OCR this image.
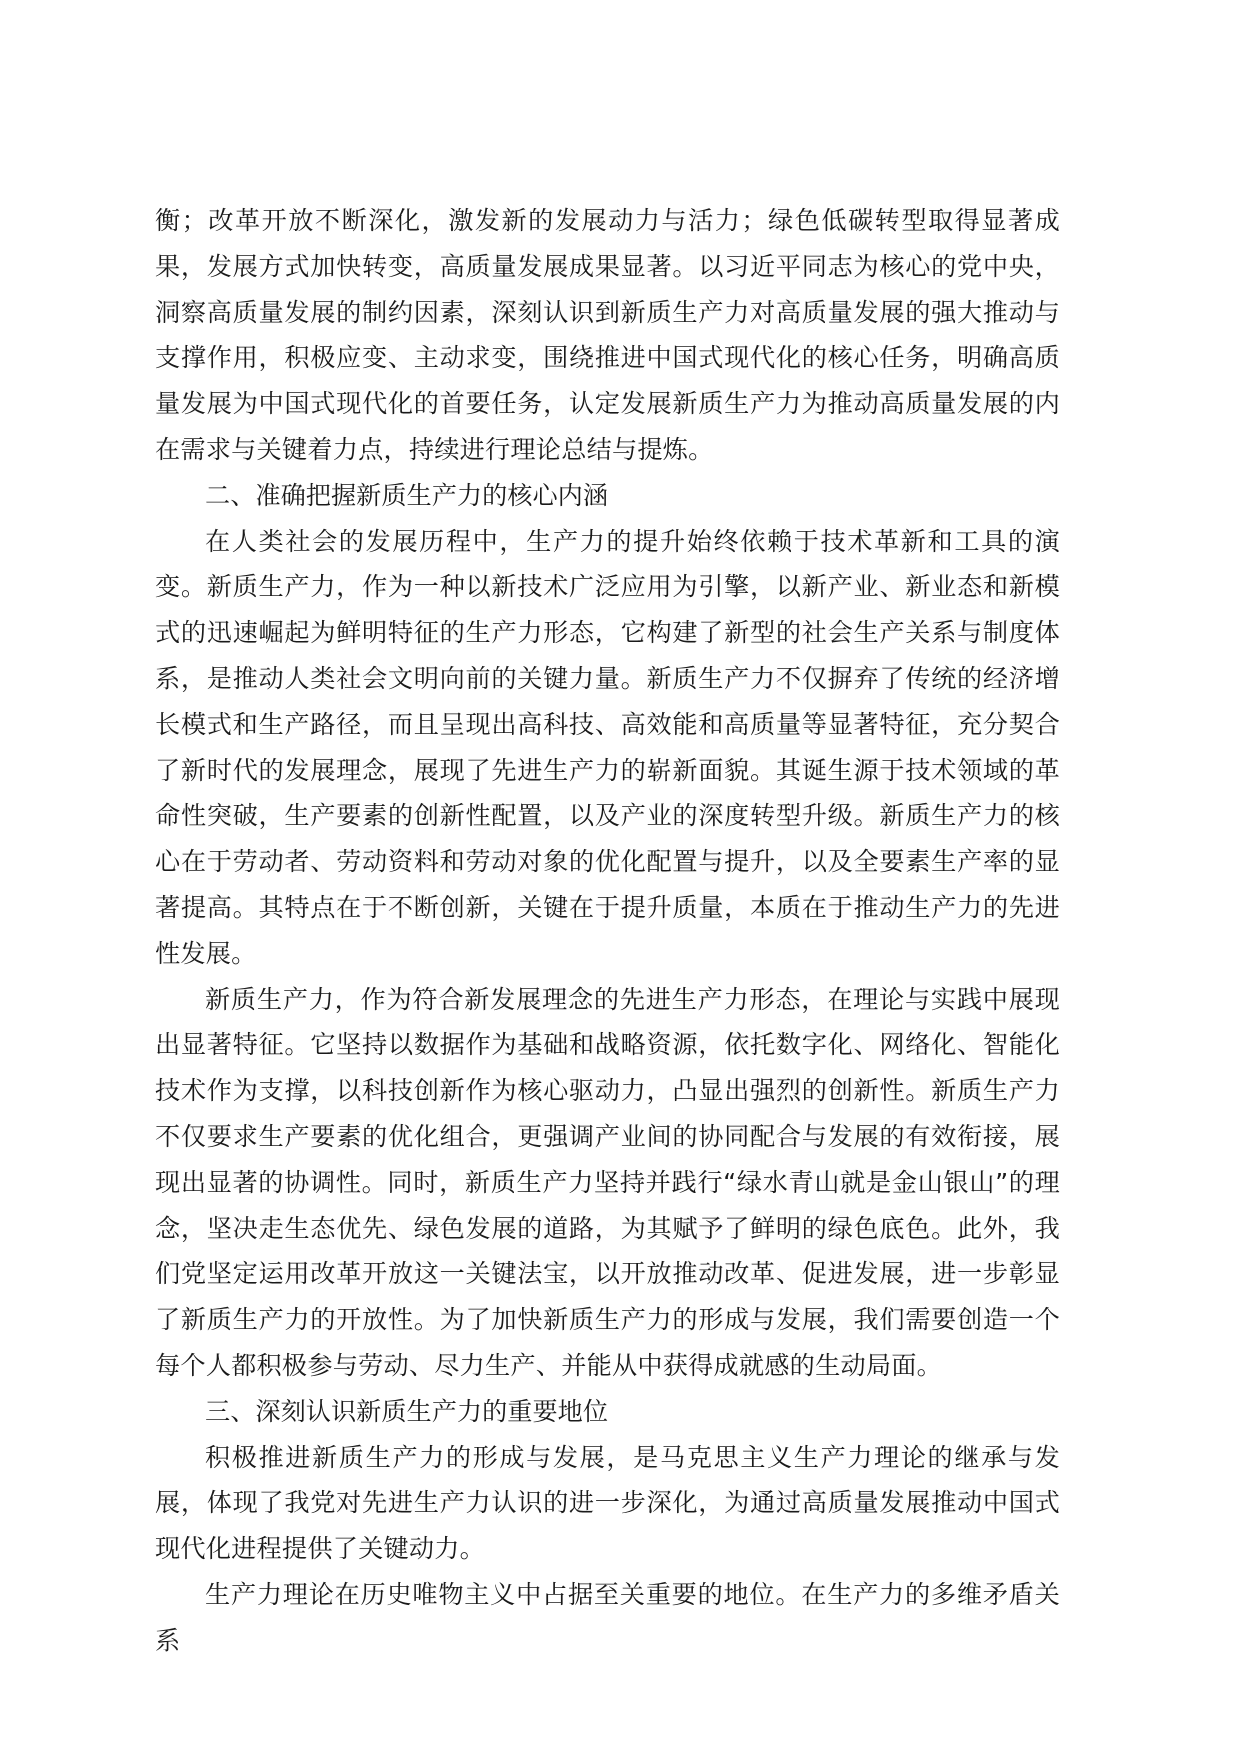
衡；改革开放不断深化，激发新的发展动力与活力；绿色低碳转型取得显著成果，发展方式加快转变，高质量发展成果显著。以习近平同志为核心的党中央，洞察高质量发展的制约因素，深刻认识到新质生产力对高质量发展的强大推动与支撑作用，积极应变、主动求变，围绕推进中国式现代化的核心任务，明确高质量发展为中国式现代化的首要任务，认定发展新质生产力为推动高质量发展的内在需求与关键着力点，持续进行理论总结与提炼。

二、准确把握新质生产力的核心内涵

在人类社会的发展历程中，生产力的提升始终依赖于技术革新和工具的演变。新质生产力，作为一种以新技术广泛应用为引擎，以新产业、新业态和新模式的迅速崛起为鲜明特征的生产力形态，它构建了新型的社会生产关系与制度体系，是推动人类社会文明向前的关键力量。新质生产力不仅摒弃了传统的经济增长模式和生产路径，而且呈现出高科技、高效能和高质量等显著特征，充分契合了新时代的发展理念，展现了先进生产力的崭新面貌。其诞生源于技术领域的革命性突破，生产要素的创新性配置，以及产业的深度转型升级。新质生产力的核心在于劳动者、劳动资料和劳动对象的优化配置与提升，以及全要素生产率的显著提高。其特点在于不断创新，关键在于提升质量，本质在于推动生产力的先进性发展。

新质生产力，作为符合新发展理念的先进生产力形态，在理论与实践中展现出显著特征。它坚持以数据作为基础和战略资源，依托数字化、网络化、智能化技术作为支撑，以科技创新作为核心驱动力，凸显出强烈的创新性。新质生产力不仅要求生产要素的优化组合，更强调产业间的协同配合与发展的有效衔接，展现出显著的协调性。同时，新质生产力坚持并践行“绿水青山就是金山银山”的理念，坚决走生态优先、绿色发展的道路，为其赋予了鲜明的绿色底色。此外，我们党坚定运用改革开放这一关键法宝，以开放推动改革、促进发展，进一步彰显了新质生产力的开放性。为了加快新质生产力的形成与发展，我们需要创造一个每个人都积极参与劳动、尽力生产、并能从中获得成就感的生动局面。

三、深刻认识新质生产力的重要地位

积极推进新质生产力的形成与发展，是马克思主义生产力理论的继承与发展，体现了我党对先进生产力认识的进一步深化，为通过高质量发展推动中国式现代化进程提供了关键动力。

生产力理论在历史唯物主义中占据至关重要的地位。在生产力的多维矛盾关系
